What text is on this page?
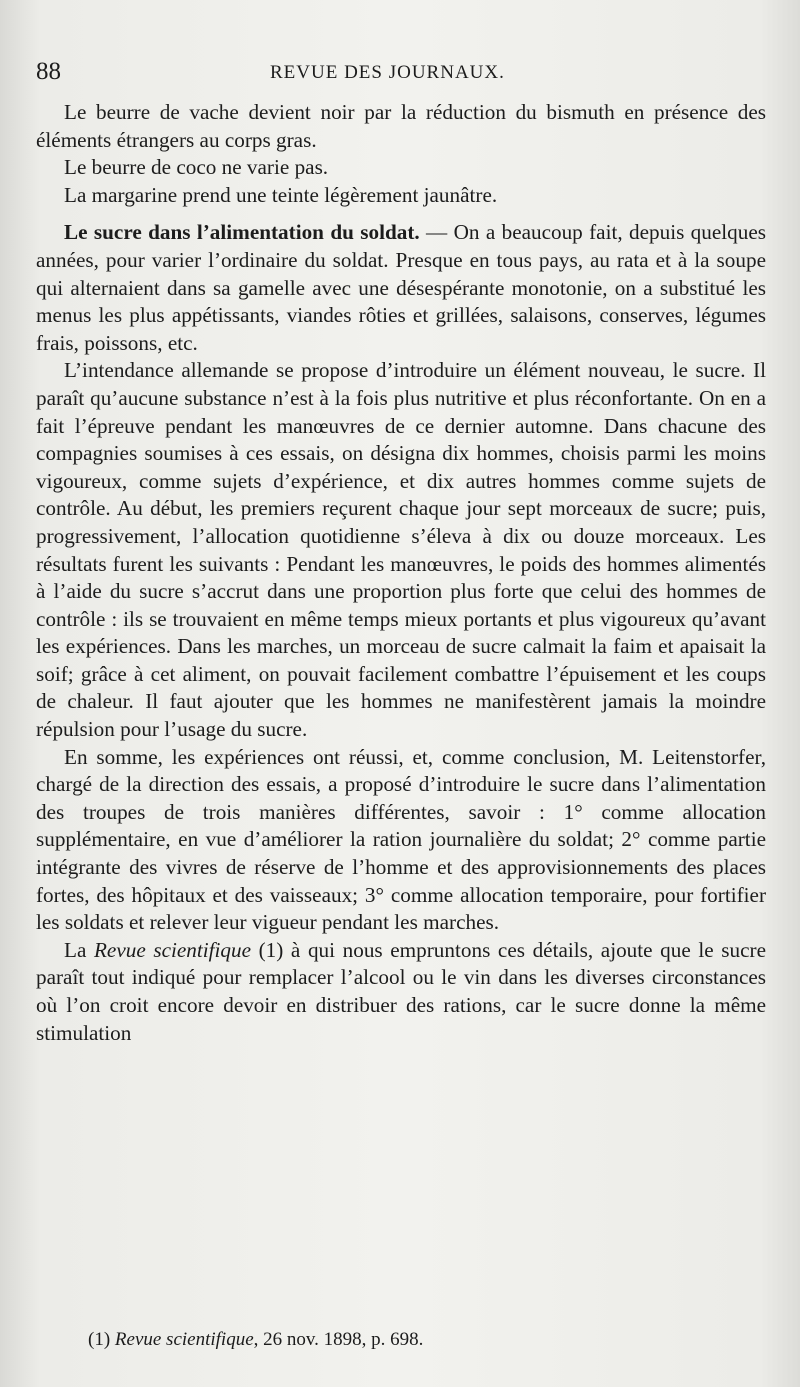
88	REVUE DES JOURNAUX.

Le beurre de vache devient noir par la réduction du bismuth en présence des éléments étrangers au corps gras.

Le beurre de coco ne varie pas.

La margarine prend une teinte légèrement jaunâtre.

Le sucre dans l’alimentation du soldat. — On a beaucoup fait, depuis quelques années, pour varier l’ordinaire du soldat. Presque en tous pays, au rata et à la soupe qui alternaient dans sa gamelle avec une désespérante monotonie, on a substitué les menus les plus appétissants, viandes rôties et grillées, salaisons, conserves, légumes frais, poissons, etc.

L’intendance allemande se propose d’introduire un élément nouveau, le sucre. Il paraît qu’aucune substance n’est à la fois plus nutritive et plus réconfortante. On en a fait l’épreuve pendant les manœuvres de ce dernier automne. Dans chacune des compagnies soumises à ces essais, on désigna dix hommes, choisis parmi les moins vigoureux, comme sujets d’expérience, et dix autres hommes comme sujets de contrôle. Au début, les premiers reçurent chaque jour sept morceaux de sucre; puis, progressivement, l’allocation quotidienne s’éleva à dix ou douze morceaux. Les résultats furent les suivants : Pendant les manœuvres, le poids des hommes alimentés à l’aide du sucre s’accrut dans une proportion plus forte que celui des hommes de contrôle : ils se trouvaient en même temps mieux portants et plus vigoureux qu’avant les expériences. Dans les marches, un morceau de sucre calmait la faim et apaisait la soif; grâce à cet aliment, on pouvait facilement combattre l’épuisement et les coups de chaleur. Il faut ajouter que les hommes ne manifestèrent jamais la moindre répulsion pour l’usage du sucre.

En somme, les expériences ont réussi, et, comme conclusion, M. Leitenstorfer, chargé de la direction des essais, a proposé d’introduire le sucre dans l’alimentation des troupes de trois manières différentes, savoir : 1° comme allocation supplémentaire, en vue d’améliorer la ration journalière du soldat; 2° comme partie intégrante des vivres de réserve de l’homme et des approvisionnements des places fortes, des hôpitaux et des vaisseaux; 3° comme allocation temporaire, pour fortifier les soldats et relever leur vigueur pendant les marches.

La Revue scientifique (1) à qui nous empruntons ces détails, ajoute que le sucre paraît tout indiqué pour remplacer l’alcool ou le vin dans les diverses circonstances où l’on croit encore devoir en distribuer des rations, car le sucre donne la même stimulation

(1) Revue scientifique, 26 nov. 1898, p. 698.
